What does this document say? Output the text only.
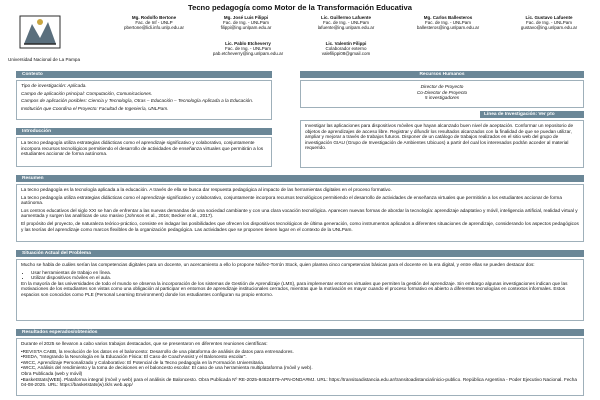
Tecno pedagogía como Motor de la Transformación Educativa
Universidad Nacional de La Pampa
Mg. Rodolfo Bertone
Fac. de Inf - UNLP
pbertone@lidi.info.unlp.edu.ar
Mg. José Luis Filippi
Fac. de Ing. - UNLPam
filippi@ing.unlpam.edu.ar
Lic. Guillermo Lafuente
Fac. de Ing. - UNLPam
lafuente@ing.unlpam.edu.ar
Mg. Carlos Ballesteros
Fac. de Ing. - UNLPam
ballesteros@ing.unlpam.edu.ar
Lic. Gustavo Lafuente
Fac. de Ing. - UNLPam
gustavo@ing.unlpam.edu.ar
Lic. Pablo Etcheverry
Fac. de Ing. - UNLPam
pab.etcheverry@ing.unlpam.edu.ar
Lic. Valentín Filippi
Colaborador externo
valefilippi08@gmail.com
Contexto

Tipo de investigación: Aplicada.

Campo de aplicación principal: Computación, Comunicaciones.

Campos de aplicación posibles: Ciencia y Tecnología, Otras – Educación – Tecnología Aplicada a la Educación.

Institución que Coordina el Proyecto: Facultad de Ingeniería, UNLPam.

Recursos Humanos
Director de Proyecto
Co-Director de Proyecto
5 investigadores
Introducción

La tecno pedagogía utiliza estrategias didácticas como el aprendizaje significativo y colaborativo, conjuntamente incorpora recursos tecnológicos permitiendo el desarrollo de actividades de enseñanza virtuales que permitirán a los estudiantes accionar de forma autónoma.

Línea de Investigación: Ver pto

Investigar las aplicaciones para dispositivos móviles que hayan alcanzado buen nivel de aceptación. Conformar un repositorio de objetos de aprendizajes de acceso libre. Registrar y difundir los resultados alcanzados con la finalidad de que se puedan utilizar, ampliar y mejorar a través de trabajos futuros. Disponer de un catálogo de trabajos realizados en el sitio web del grupo de investigación GIAU (Grupo de Investigación de Ambientes Ubicuos) a partir del cual los interesados podrán acceder al material requerido.

Resumen

La tecno pedagogía es la tecnología aplicada a la educación. A través de ella se busca dar respuesta pedagógica al impacto de las herramientas digitales en el proceso formativo.

La tecno pedagogía utiliza estrategias didácticas como el aprendizaje significativo y colaborativo, conjuntamente incorpora recursos tecnológicos permitiendo el desarrollo de actividades de enseñanza virtuales que permitirán a los estudiantes accionar de forma autónoma.

Los centros educativos del siglo XXI se han de enfrentar a las nuevas demandas de una sociedad cambiante y con una clara vocación tecnológica. Aparecen nuevas formas de abordar la tecnología: aprendizaje adaptativo y móvil, inteligencia artificial, realidad virtual y aumentada y surgen las analíticas de uso masivo (Johnson et al., 2016; Becker et al., 2017).

El propósito del proyecto, de naturaleza teórico-práctico, consiste en indagar las posibilidades que ofrecen los dispositivos tecnológicos de última generación, como instrumentos aplicados a diferentes situaciones de aprendizaje, considerando los aspectos pedagógicos y las teorías del aprendizaje como marcos flexibles de la organización pedagógica. Las actividades que se proponen tienen lugar en el contexto de la UNLPam.

Situación Actual del Problema

Mucho se habla de cuáles serían las competencias digitales para un docente, un acercamiento a ello lo propone Núñez-Torrón Stock, quien plantea cinco competencias básicas para el docente en la era digital, y entre ellas se pueden destacar dos:

• Usar herramientas de trabajo en línea.
• Utilizar dispositivos móviles en el aula.

En la mayoría de las universidades de todo el mundo se observa la incorporación de los sistemas de Gestión de Aprendizaje (LMS), para implementar entornos virtuales que permiten la gestión del aprendizaje. Sin embargo algunas investigaciones indican que las motivaciones de los estudiantes son vistas como una obligación al participar en entornos de aprendizaje institucionales cerrados, mientras que la motivación es mayor cuando el proceso formativo es abierto a diferentes tecnologías en contextos informales. Estos espacios son conocidos como PLE (Personal Learning Environment) donde los estudiantes configuran su propio entorno.

Resultados esperados/obtenidos

Durante el 2025 se llevaron a cabo varios trabajos destacados, que se presentaron en diferentes reuniones científicas:

•REVISTA CABB, la revolución de los datos en el baloncesto: Desarrollo de una plataforma de análisis de datos para entrenadores.
•RIEDA, "Integrando la Neurología en la Educación Física: El Caso de CoachAssist y el Baloncesto escolar".
•WICC, Aprendizaje Personalizado y Colaborativo: El Potencial de la Tecno pedagogía en la Formación Universitaria.
•WICC, Análisis del rendimiento y la toma de decisiones en el baloncesto escolar: El caso de una herramienta multiplataforma (móvil y web).
Obra Publicada (web y móvil)
•BasketStats(WEB). Plataforma integral (móvil y web) para el análisis de Baloncesto. Obra Publicada Nº RE-2025-84624879-APN-DNDA#MJ. URL: https://transitoadistancia.edu.ar/transitoadistancia/inicio-publico. República Argentina - Poder Ejecutivo Nacional. Fecha 04-08-2025. URL: https://basketstats(w).tk/s web.app/
